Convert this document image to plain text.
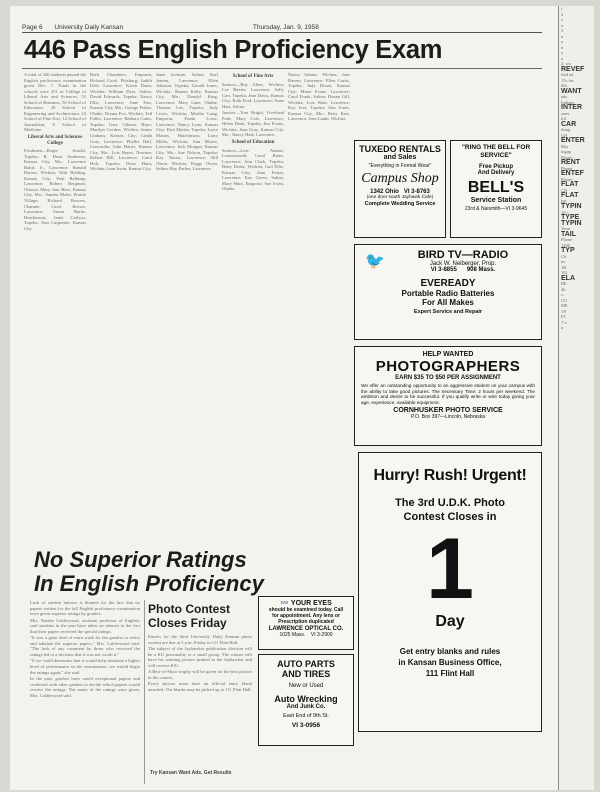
Page 6 University Daily Kansan	Thursday, Jan. 9, 1958
446 Pass English Proficiency Exam

A total of 446 students passed the English proficiency examination given Dec. 7. Totals in the schools were 251 in College of Liberal Arts and Sciences, 55 School of Business, 50 School of Education, 49 School of Engineering and Architecture, 23 School of Fine Arts, 12 School of Journalism, 6 School of Medicine.

Liberal Arts and Sciences College

Freshmen—Roger Arnold, Topeka; R. Dean Anderson, Kansas City, Mo.; Lawrence Baird, Jr., Lawrence; Ronald Barton, Wichita; Walt Belding, Kansas City; Paul Belknap, Lawrence; Robert Bergman, Ottawa; Mary Ann Bess, Kansas City, Mo.; Sandra Blake, Prairie Village; Richard Bowers, Chanute; Carol Brown, Lawrence; Susan Burns, Hutchinson; Janet Carlson, Topeka; Ann Carpenter, Kansas City.

Ruth Chambers, Emporia; Richard Cook, Pittsburg; Judith Dale, Lawrence; Karen Dunn, Wichita; William Dyer, Salina; David Edwards, Topeka; Nancy Ellis, Lawrence; Jane Farr, Kansas City, Mo.; George Fisher, Olathe; Donna Fox, Wichita; Ted Fuller, Lawrence; Barbara Gates, Topeka; Gary Gibson, Hays; Marilyn Gordon, Wichita; James Graham, Kansas City; Linda Gray, Lawrence; Phyllis Hall, Concordia; John Harris, Kansas City, Mo.; Lois Hayes, Newton; Robert Hill, Lawrence; Carol Holt, Topeka; Dean Hunt, Wichita; Joan Irwin, Kansas City.

Janet Jackson, Salina; Karl Jensen, Lawrence; Ellen Johnson, Topeka; Gerald Jones, Wichita; Sharon Kelly, Kansas City, Mo.; Donald King, Lawrence; Mary Lane, Olathe; Thomas Lee, Topeka; Judy Lewis, Wichita; Martha Long, Emporia; Frank Lowe, Lawrence; Nancy Lynn, Kansas City; Paul Martin, Topeka; Joyce Mason, Hutchinson; Larry Miller, Wichita; Ann Moore, Lawrence; Jack Morgan, Kansas City, Mo.; Sue Nelson, Topeka; Kay Norris, Lawrence; Bill Olson, Wichita; Peggy Owen, Salina; Ray Parker, Lawrence.

School of Fine Arts

Seniors—Ray Allen, Wichita; Lee Baxter, Lawrence; Sally Carr, Topeka; Jean Davis, Kansas City; Ruth Ford, Lawrence; Anne Hart, Salina.

Juniors—Tom Bright, Overland Park; Mary Cole, Lawrence; Helen Dean, Topeka; Jim Evans, Wichita; Joan Gray, Kansas City, Mo.; Nancy Hale, Lawrence.

School of Education

Seniors—Lois Adams, Leavenworth; Carol Bates, Lawrence; Ann Clark, Topeka; Betty Drake, Wichita; Gail Ellis, Kansas City; Joan Foster, Lawrence; Kay Green, Salina; Mary Hunt, Emporia; Sue Irwin, Olathe.

Nancy Adams, Wichita; Jane Barnes, Lawrence; Ellen Curtis, Topeka; Judy Dixon, Kansas City; Marie Evans, Lawrence; Carol Frank, Salina; Donna Gill, Wichita; Lois Hunt, Lawrence; Kay Ives, Topeka; Ann Jones, Kansas City, Mo.; Betty Kerr, Lawrence; Jean Lamb, Wichita.

TUXEDO RENTALS
and Sales
"Everything in Formal Wear"
Campus Shop
1342 Ohio VI 3-8763
(one door south Jayhawk Cafe)
Complete Wedding Service
"RING THE BELL FOR SERVICE"
Free Pickup
And Delivery
BELL'S
Service Station
23rd & Naismith—VI 3-9645
🐦	BIRD TV—RADIO
Jack W. Neiberger, Prop.
VI 3-8855 908 Mass.
EVEREADY
Portable Radio Batteries
For All Makes
Expert Service and Repair
HELP WANTED
PHOTOGRAPHERS
EARN $35 TO $50 PER ASSIGNMENT
We offer an outstanding opportunity to an aggressive student on your campus with the ability to take good pictures. The necessary Time: 2 hours per weekend. The ambition and desire to be successful. If you qualify write or wire today giving your age, experience, available equipment.
CORNHUSKER PHOTO SERVICE
P.O. Box 397—Lincoln, Nebraska
Hurry! Rush! Urgent!
The 3rd U.D.K. Photo
Contest Closes in
1
Day
Get entry blanks and rules
in Kansan Business Office,
111 Flint Hall
No Superior Ratings
In English Proficiency

Lack of student interest is blamed for the fact that no papers written for the fall English proficiency examination were given superior ratings by graders.

Mrs. Natalie Calderwood, assistant professor of English, said students in the past have taken an interest in the fact that their papers received the special ratings.

"It was a great deal of extra work for the graders to select and tabulate the superior papers," Mrs. Calderwood said. "The lack of any comment by those who received the ratings led to a decision that it was not worth it."

"If we could determine that it would help stimulate a higher level of performance in the examination, we would begin the ratings again," she said.

In the past, graders have noted exceptional papers and conferred with other graders to decide which papers would receive the ratings. Not many of the ratings were given, Mrs. Calderwood said.

Photo Contest
Closes Friday

Entries for the third University Daily Kansan photo contest are due at 5 p.m. Friday in 111 Flint Hall.

The subject of the Jayhawker publication division will be a KU personality or a small group. The winner will have his winning picture printed in the Jayhawker and will receive $10.

A Best-of-Show trophy will be given for the best picture in the contest.

Every picture must have an official entry blank attached. The blanks may be picked up at 111 Flint Hall.

Try Kansan Want Ads. Get Results
👓 YOUR EYES
should be examined today. Call
for appointment. Any lens or
Prescription duplicated
LAWRENCE OPTICAL CO.
1025 Mass. VI 3-2900
AUTO PARTS
AND TIRES
New or Used
Auto Wrecking
And Junk Co.
East End of 9th St.
VI 3-0956
t
2
o
a
3
a
a
n
a
a
2: wo
REVEF
fied ad
15c for
60c.
WANT
ads.
Indianc
INTER
ones
fol
CAR
thing
CH
ENTER
Rhy
ingup
Phone
RENT
Phone
ENTEF
Phone
FLAT
CD
FLAT
RE
TYPIN
10 c
TYPE
TYPIN
Tenn.
TAIL
Phone
1400
TYP
Ch
ns
1R
161
ELA
BE
4h
s.
CU
ME
TS
FI
7 o
a
